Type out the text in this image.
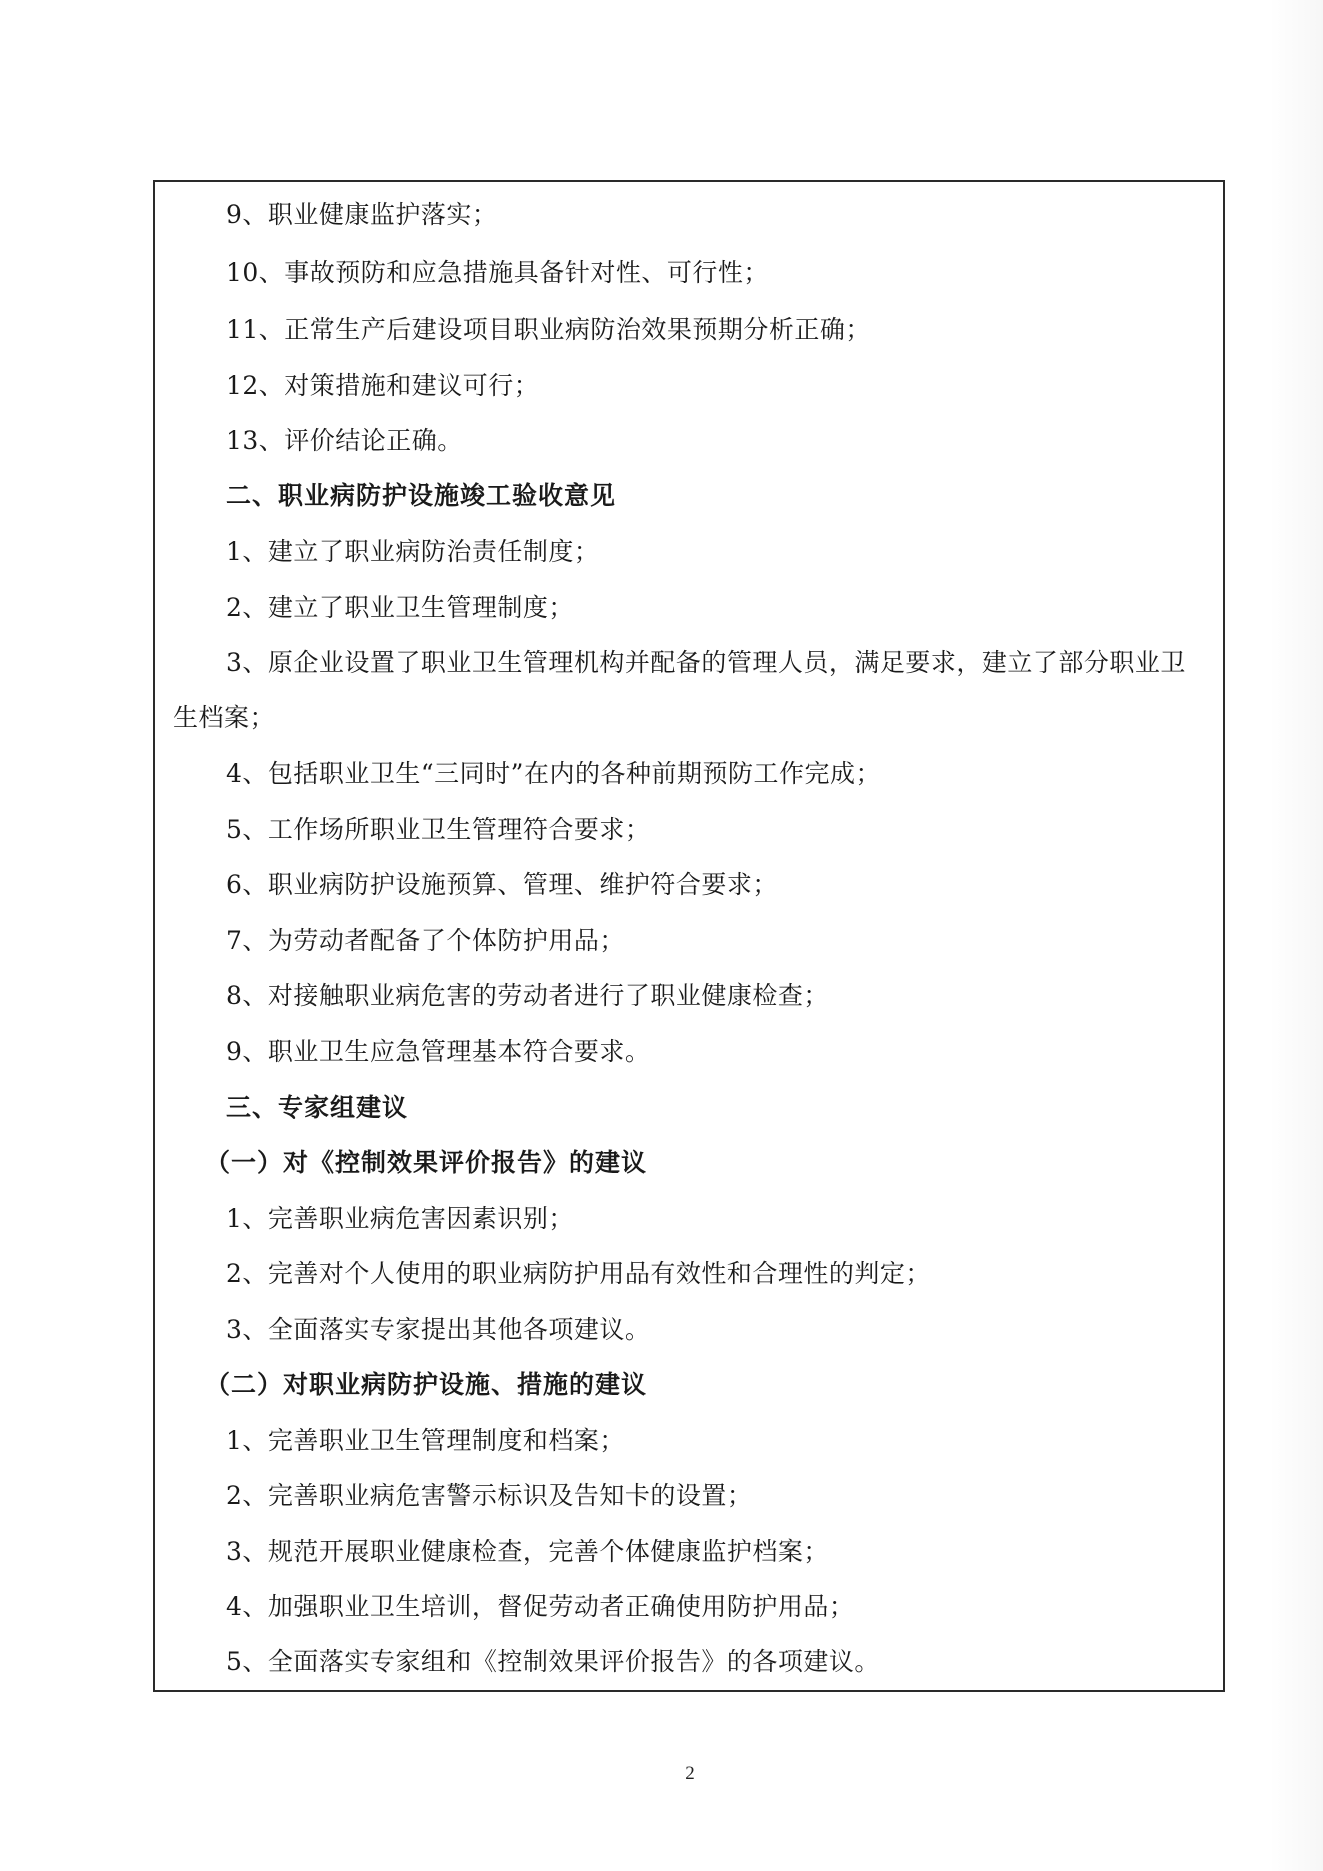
9、职业健康监护落实；
10、事故预防和应急措施具备针对性、可行性；
11、正常生产后建设项目职业病防治效果预期分析正确；
12、对策措施和建议可行；
13、评价结论正确。
二、职业病防护设施竣工验收意见
1、建立了职业病防治责任制度；
2、建立了职业卫生管理制度；
3、原企业设置了职业卫生管理机构并配备的管理人员，满足要求，建立了部分职业卫
生档案；
4、包括职业卫生“三同时”在内的各种前期预防工作完成；
5、工作场所职业卫生管理符合要求；
6、职业病防护设施预算、管理、维护符合要求；
7、为劳动者配备了个体防护用品；
8、对接触职业病危害的劳动者进行了职业健康检查；
9、职业卫生应急管理基本符合要求。
三、专家组建议
（一）对《控制效果评价报告》的建议
1、完善职业病危害因素识别；
2、完善对个人使用的职业病防护用品有效性和合理性的判定；
3、全面落实专家提出其他各项建议。
（二）对职业病防护设施、措施的建议
1、完善职业卫生管理制度和档案；
2、完善职业病危害警示标识及告知卡的设置；
3、规范开展职业健康检查，完善个体健康监护档案；
4、加强职业卫生培训，督促劳动者正确使用防护用品；
5、全面落实专家组和《控制效果评价报告》的各项建议。
2
